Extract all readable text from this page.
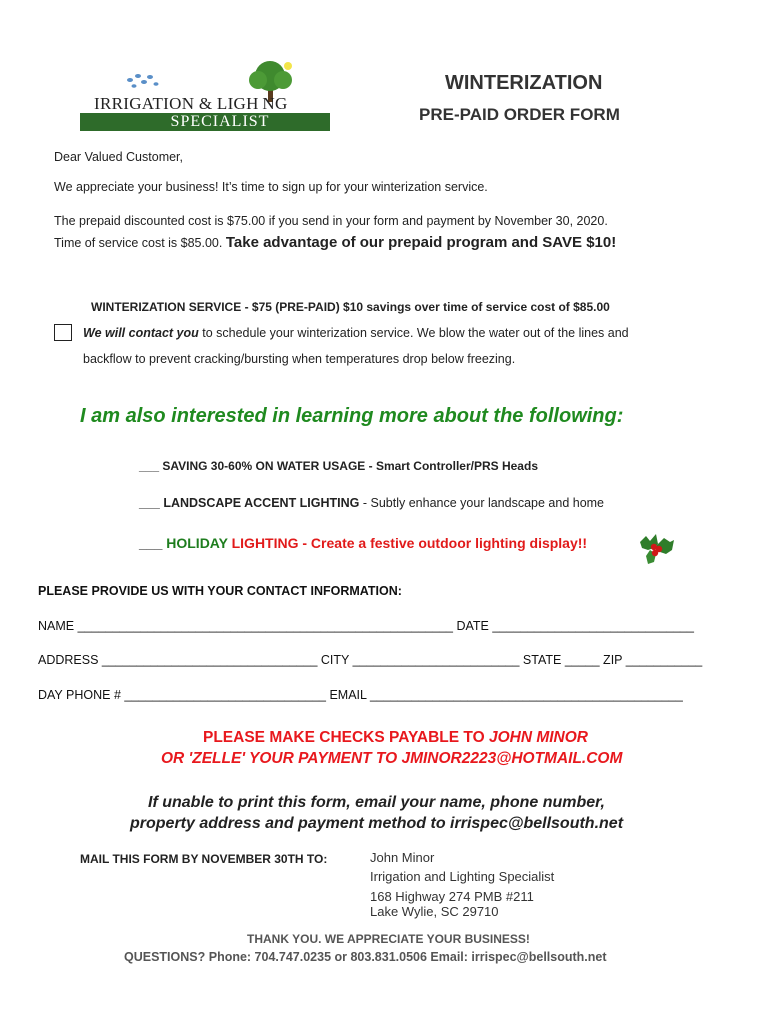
IRRIGATION & LIGH NG
SPECIALIST
WINTERIZATION
PRE-PAID ORDER FORM
Dear Valued Customer,
We appreciate your business! It’s time to sign up for your winterization service.
The prepaid discounted cost is $75.00 if you send in your form and payment by November 30, 2020.
Time of service cost is $85.00. Take advantage of our prepaid program and SAVE $10!
WINTERIZATION SERVICE - $75 (PRE-PAID) $10 savings over time of service cost of $85.00
We will contact you to schedule your winterization service. We blow the water out of the lines and
backflow to prevent cracking/bursting when temperatures drop below freezing.
I am also interested in learning more about the following:
___ SAVING 30-60% ON WATER USAGE - Smart Controller/PRS Heads
___ LANDSCAPE ACCENT LIGHTING - Subtly enhance your landscape and home
___ HOLIDAY LIGHTING - Create a festive outdoor lighting display!!
PLEASE PROVIDE US WITH YOUR CONTACT INFORMATION:
NAME ______________________________________________________ DATE _____________________________
ADDRESS _______________________________ CITY ________________________ STATE _____ ZIP ___________
DAY PHONE # _____________________________ EMAIL _____________________________________________
PLEASE MAKE CHECKS PAYABLE TO JOHN MINOR
OR 'ZELLE' YOUR PAYMENT TO JMINOR2223@HOTMAIL.COM
If unable to print this form, email your name, phone number,
property address and payment method to irrispec@bellsouth.net
MAIL THIS FORM BY NOVEMBER 30TH TO:	John Minor
Irrigation and Lighting Specialist
168 Highway 274 PMB #211
Lake Wylie, SC 29710
THANK YOU. WE APPRECIATE YOUR BUSINESS!
QUESTIONS? Phone: 704.747.0235 or 803.831.0506 Email: irrispec@bellsouth.net
